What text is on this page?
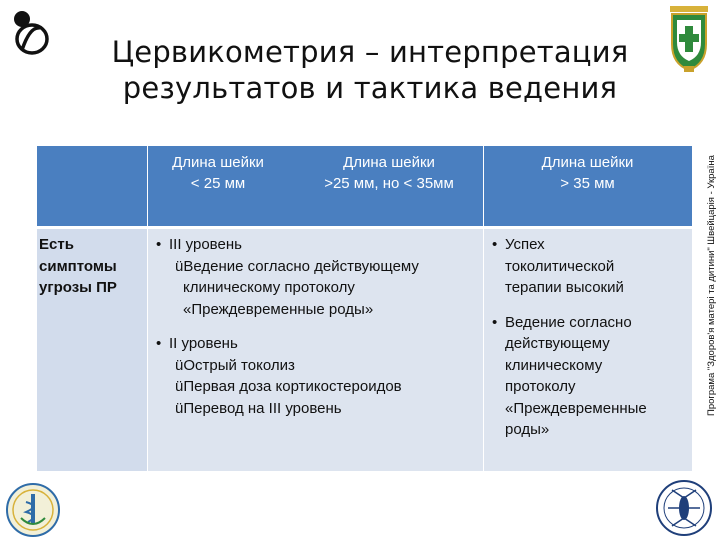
Цервикометрия – интерпретация
результатов и тактика ведения
Програма "Здоров'я матері та дитини" Швейцарія - Україна
Длина шейки
< 25 мм
Длина шейки
>25 мм, но < 35мм
Длина шейки
> 35 мм
Есть
симптомы
угрозы ПР
• III уровень
üВедение согласно действующему
клиническому протоколу
«Преждевременные роды»
• II уровень
üОстрый токолиз
üПервая доза кортикостероидов
üПеревод на III уровень
• Успех
токолитической
терапии высокий
• Ведение согласно
действующему
клиническому
протоколу
«Преждевременные
роды»
